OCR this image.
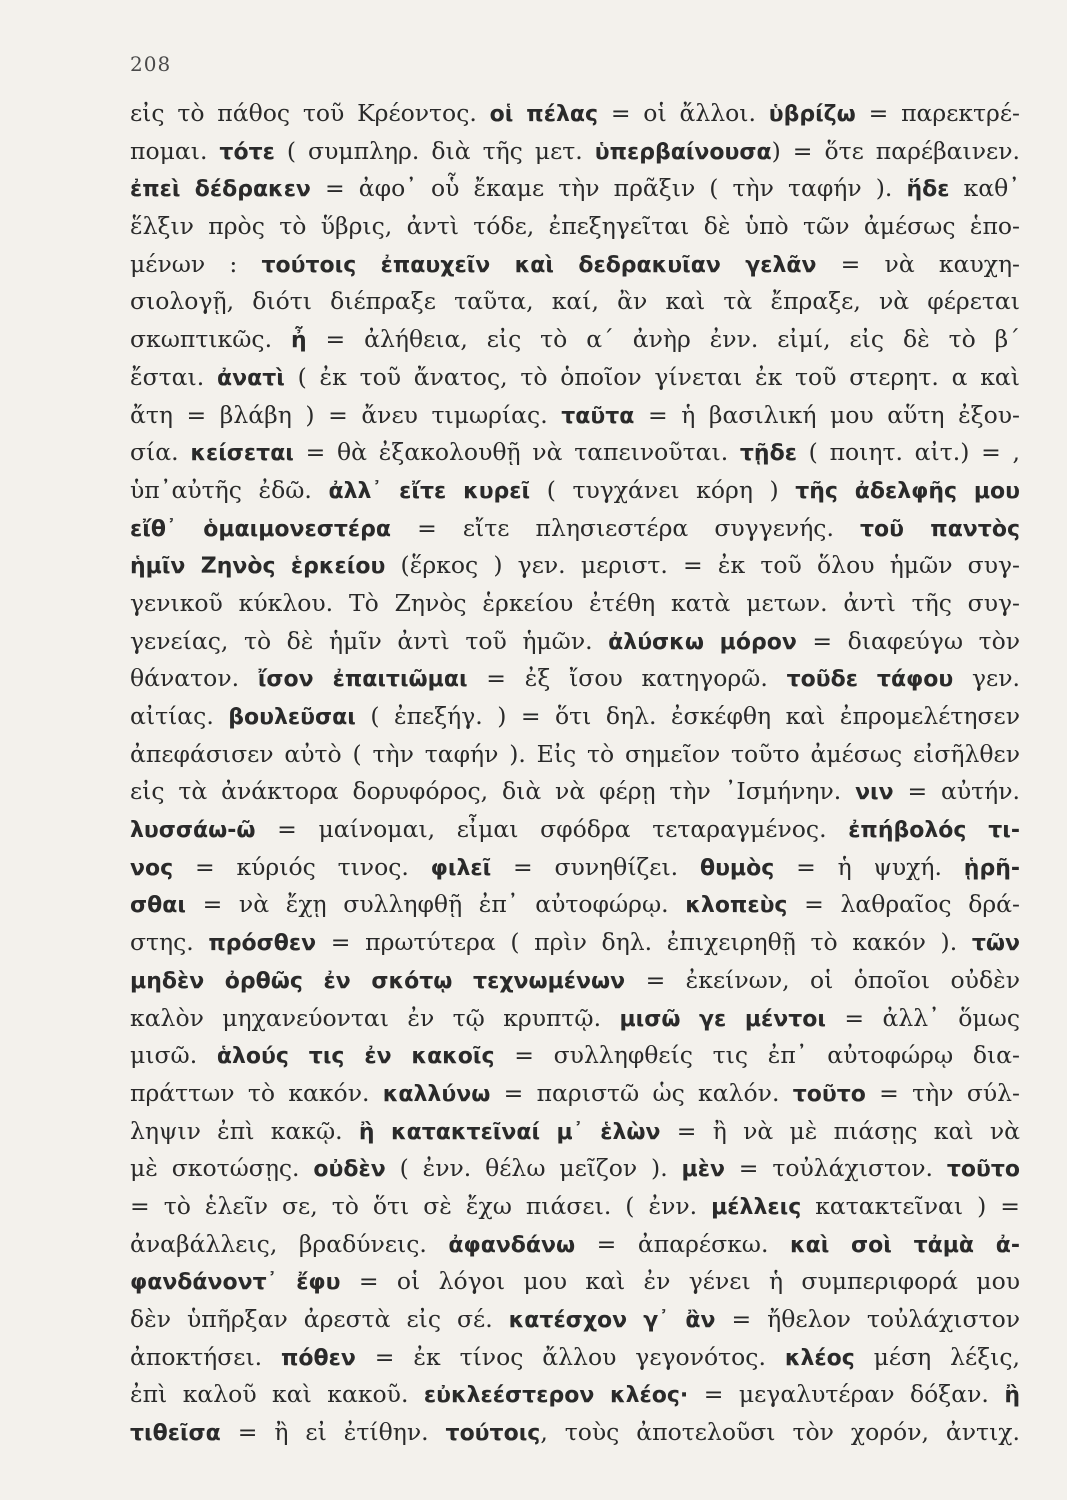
208
εἰς τὸ πάθος τοῦ Κρέοντος. οἱ πέλας = οἱ ἄλλοι. ὑβρίζω = παρεκτρέ-
πομαι. τότε ( συμπληρ. διὰ τῆς μετ. ὑπερβαίνουσα) = ὅτε παρέβαινεν.
ἐπεὶ δέδρακεν = ἀφο᾽ οὗ ἔκαμε τὴν πρᾶξιν ( τὴν ταφήν ). ἥδε καθ᾽
ἕλξιν πρὸς τὸ ὕβρις, ἀντὶ τόδε, ἐπεξηγεῖται δὲ ὑπὸ τῶν ἀμέσως ἑπο-
μένων : τούτοις ἐπαυχεῖν καὶ δεδρακυῖαν γελᾶν = νὰ καυχη-
σιολογῇ, διότι διέπραξε ταῦτα, καί, ἂν καὶ τὰ ἔπραξε, νὰ φέρεται
σκωπτικῶς. ἦ = ἀλήθεια, εἰς τὸ α΄ ἀνὴρ ἐνν. εἰμί, εἰς δὲ τὸ β΄
ἔσται. ἀνατὶ ( ἐκ τοῦ ἄνατος, τὸ ὁποῖον γίνεται ἐκ τοῦ στερητ. α καὶ
ἄτη = βλάβη ) = ἄνευ τιμωρίας. ταῦτα = ἡ βασιλική μου αὕτη ἐξου-
σία. κείσεται = θὰ ἐξακολουθῇ νὰ ταπεινοῦται. τῇδε ( ποιητ. αἰτ.) = ,
ὑπ᾽αὐτῆς ἐδῶ. ἀλλ᾽ εἴτε κυρεῖ ( τυγχάνει κόρη ) τῆς ἀδελφῆς μου
εἴθ᾽ ὁμαιμονεστέρα = εἴτε πλησιεστέρα συγγενής. τοῦ παντὸς
ἡμῖν Ζηνὸς ἑρκείου (ἕρκος ) γεν. μεριστ. = ἐκ τοῦ ὅλου ἡμῶν συγ-
γενικοῦ κύκλου. Τὸ Ζηνὸς ἑρκείου ἐτέθη κατὰ μετων. ἀντὶ τῆς συγ-
γενείας, τὸ δὲ ἡμῖν ἀντὶ τοῦ ἡμῶν. ἀλύσκω μόρον = διαφεύγω τὸν
θάνατον. ἴσον ἐπαιτιῶμαι = ἐξ ἴσου κατηγορῶ. τοῦδε τάφου γεν.
αἰτίας. βουλεῦσαι ( ἐπεξήγ. ) = ὅτι δηλ. ἐσκέφθη καὶ ἐπρομελέτησεν
ἀπεφάσισεν αὐτὸ ( τὴν ταφήν ). Εἰς τὸ σημεῖον τοῦτο ἀμέσως εἰσῆλθεν
εἰς τὰ ἀνάκτορα δορυφόρος, διὰ νὰ φέρῃ τὴν ᾽Ισμήνην. νιν = αὐτήν.
λυσσάω-ῶ = μαίνομαι, εἶμαι σφόδρα τεταραγμένος. ἐπήβολός τι-
νος = κύριός τινος. φιλεῖ = συνηθίζει. θυμὸς = ἡ ψυχή. ᾑρῆ-
σθαι = νὰ ἔχῃ συλληφθῇ ἐπ᾽ αὐτοφώρῳ. κλοπεὺς = λαθραῖος δρά-
στης. πρόσθεν = πρωτύτερα ( πρὶν δηλ. ἐπιχειρηθῇ τὸ κακόν ). τῶν
μηδὲν ὀρθῶς ἐν σκότῳ τεχνωμένων = ἐκείνων, οἱ ὁποῖοι οὐδὲν
καλὸν μηχανεύονται ἐν τῷ κρυπτῷ. μισῶ γε μέντοι = ἀλλ᾽ ὅμως
μισῶ. ἁλούς τις ἐν κακοῖς = συλληφθείς τις ἐπ᾽ αὐτοφώρῳ δια-
πράττων τὸ κακόν. καλλύνω = παριστῶ ὡς καλόν. τοῦτο = τὴν σύλ-
ληψιν ἐπὶ κακῷ. ἢ κατακτεῖναί μ᾽ ἑλὼν = ἢ νὰ μὲ πιάσῃς καὶ νὰ
μὲ σκοτώσῃς. οὐδὲν ( ἐνν. θέλω μεῖζον ). μὲν = τοὐλάχιστον. τοῦτο
= τὸ ἑλεῖν σε, τὸ ὅτι σὲ ἔχω πιάσει. ( ἐνν. μέλλεις κατακτεῖναι ) =
ἀναβάλλεις, βραδύνεις. ἀφανδάνω = ἀπαρέσκω. καὶ σοὶ τἀμὰ ἀ-
φανδάνοντ᾽ ἔφυ = οἱ λόγοι μου καὶ ἐν γένει ἡ συμπεριφορά μου
δὲν ὑπῆρξαν ἀρεστὰ εἰς σέ. κατέσχον γ᾽ ἂν = ἤθελον τοὐλάχιστον
ἀποκτήσει. πόθεν = ἐκ τίνος ἄλλου γεγονότος. κλέος μέση λέξις,
ἐπὶ καλοῦ καὶ κακοῦ. εὐκλεέστερον κλέος· = μεγαλυτέραν δόξαν. ἢ
τιθεῖσα = ἢ εἰ ἐτίθην. τούτοις, τοὺς ἀποτελοῦσι τὸν χορόν, ἀντιχ.
